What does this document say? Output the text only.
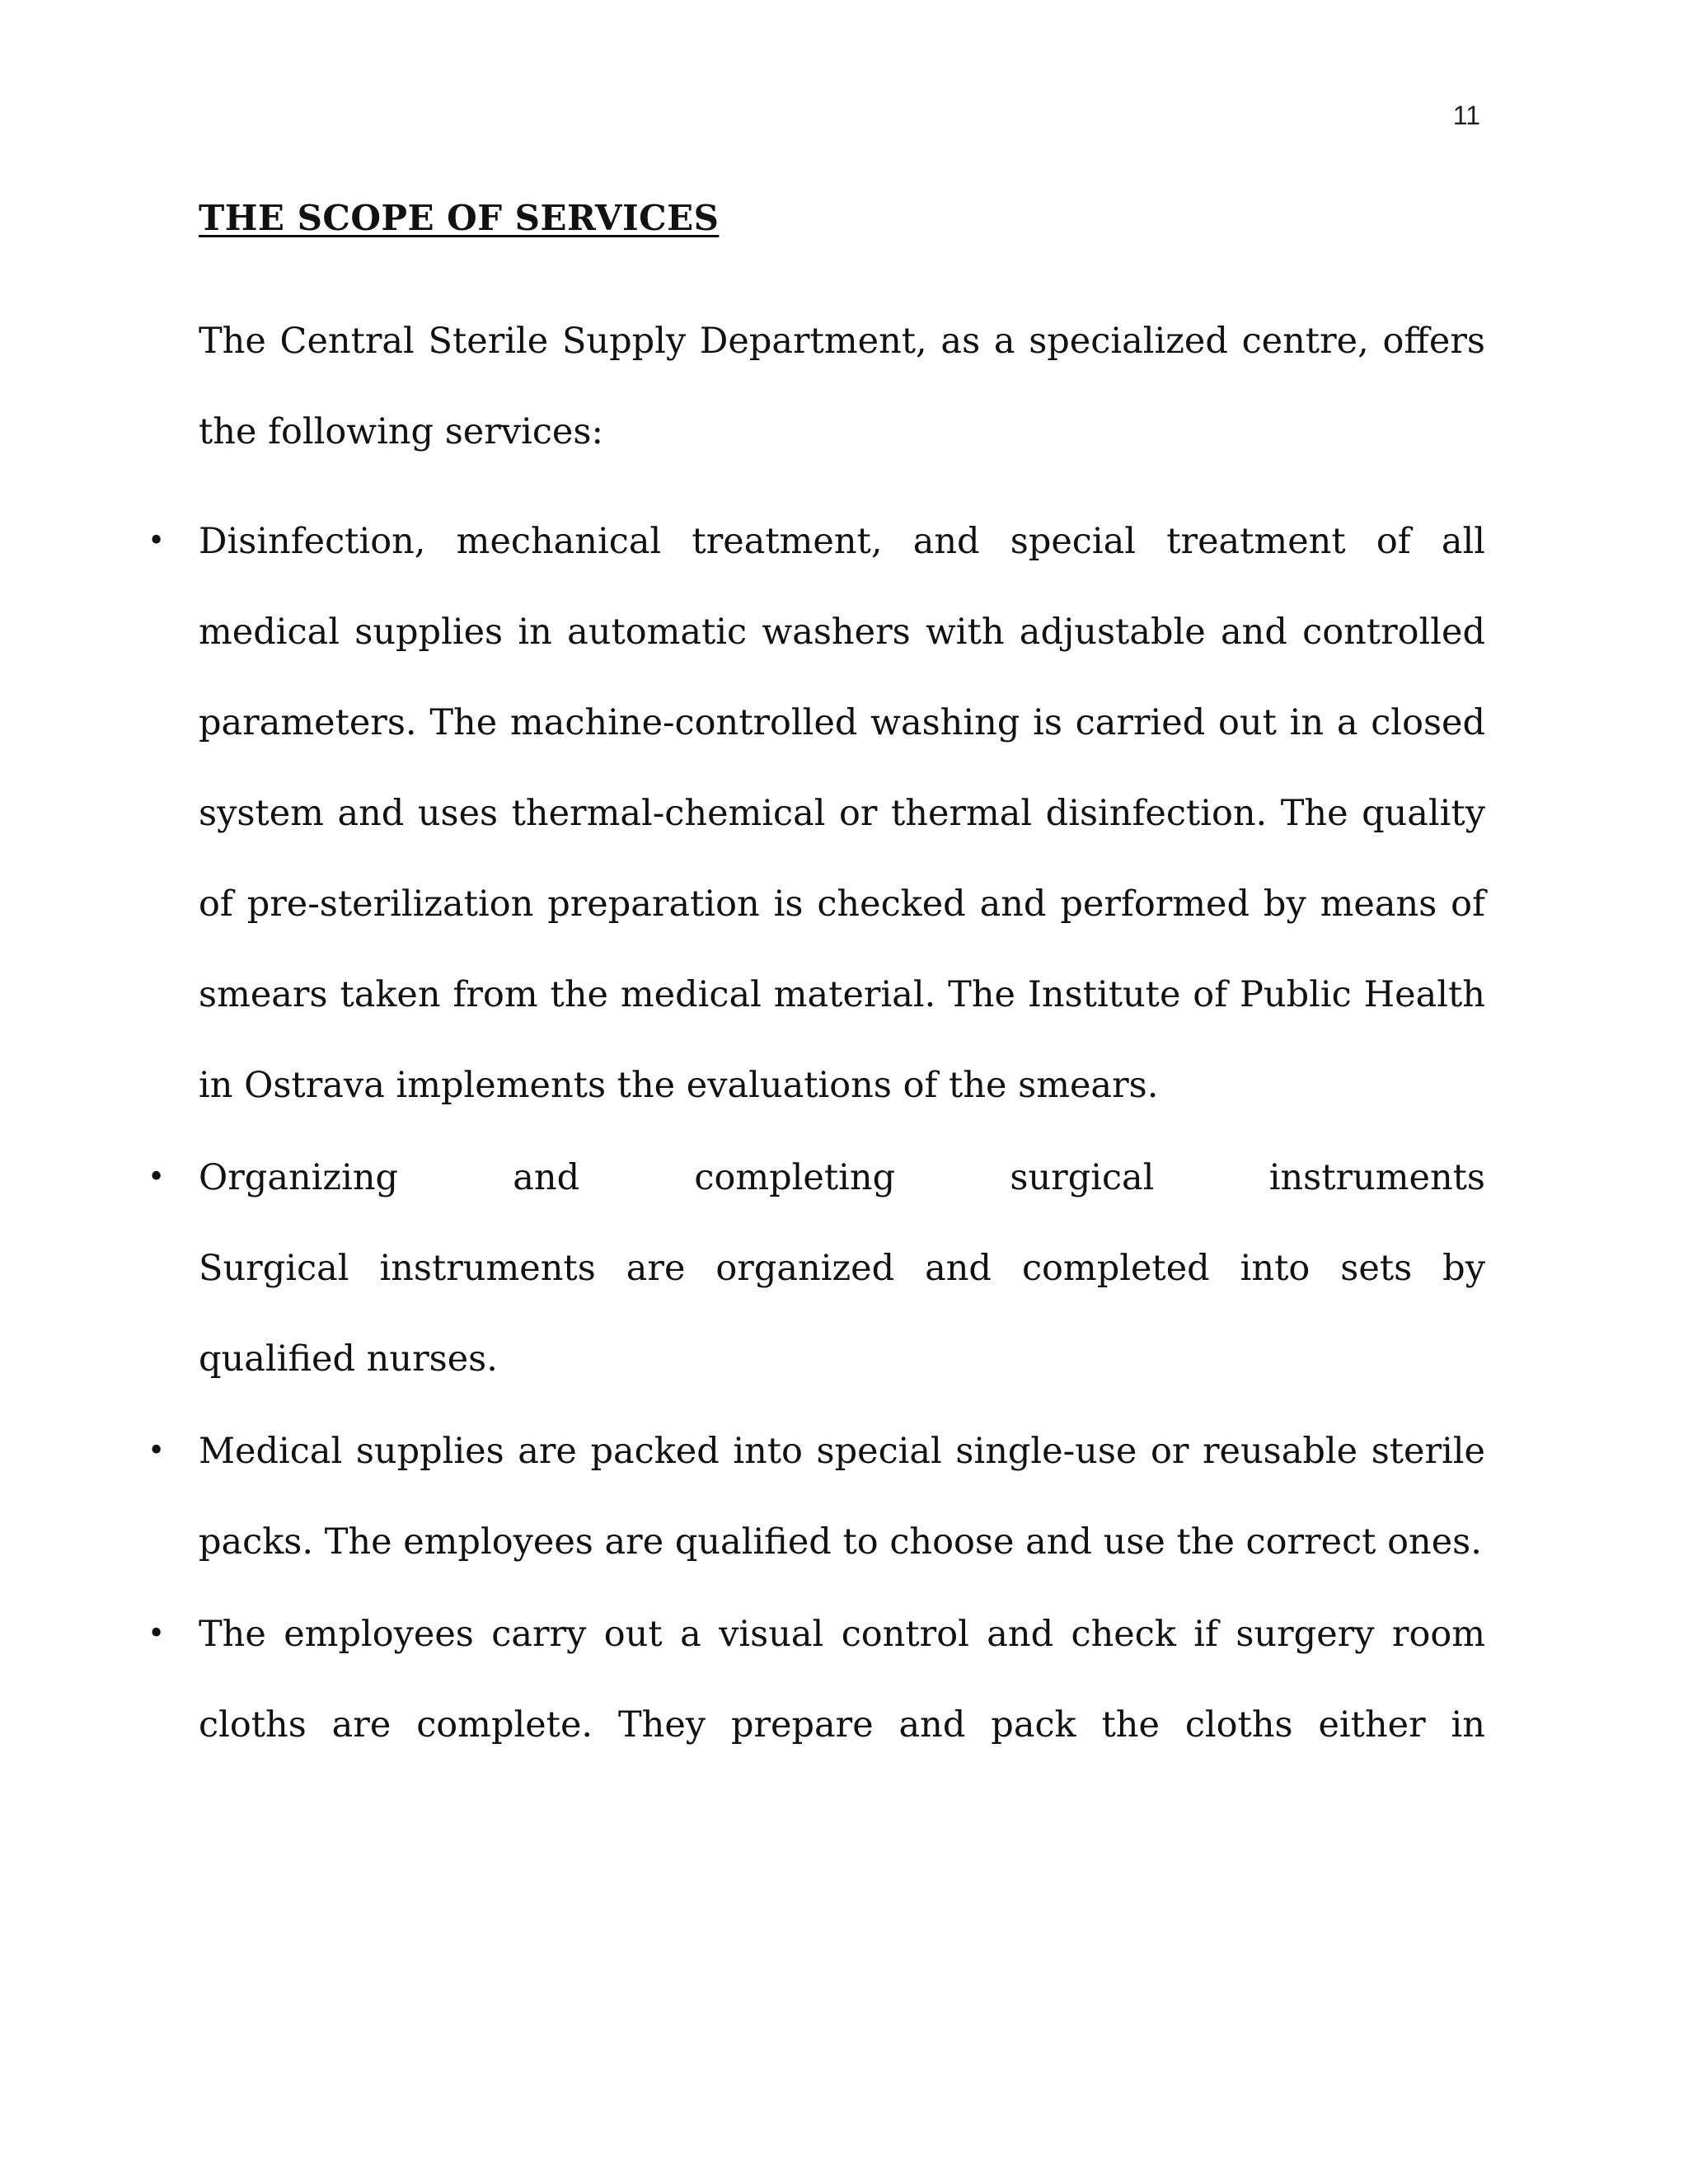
11
THE SCOPE OF SERVICES
The Central Sterile Supply Department, as a specialized centre, offers the following services:
• Disinfection, mechanical treatment, and special treatment of all medical supplies in automatic washers with adjustable and controlled parameters. The machine-controlled washing is carried out in a closed system and uses thermal-chemical or thermal disinfection. The quality of pre-sterilization preparation is checked and performed by means of smears taken from the medical material. The Institute of Public Health in Ostrava implements the evaluations of the smears.
• Organizing and completing surgical instruments
Surgical instruments are organized and completed into sets by qualified nurses.
• Medical supplies are packed into special single-use or reusable sterile packs. The employees are qualified to choose and use the correct ones.
• The employees carry out a visual control and check if surgery room cloths are complete. They prepare and pack the cloths either in
